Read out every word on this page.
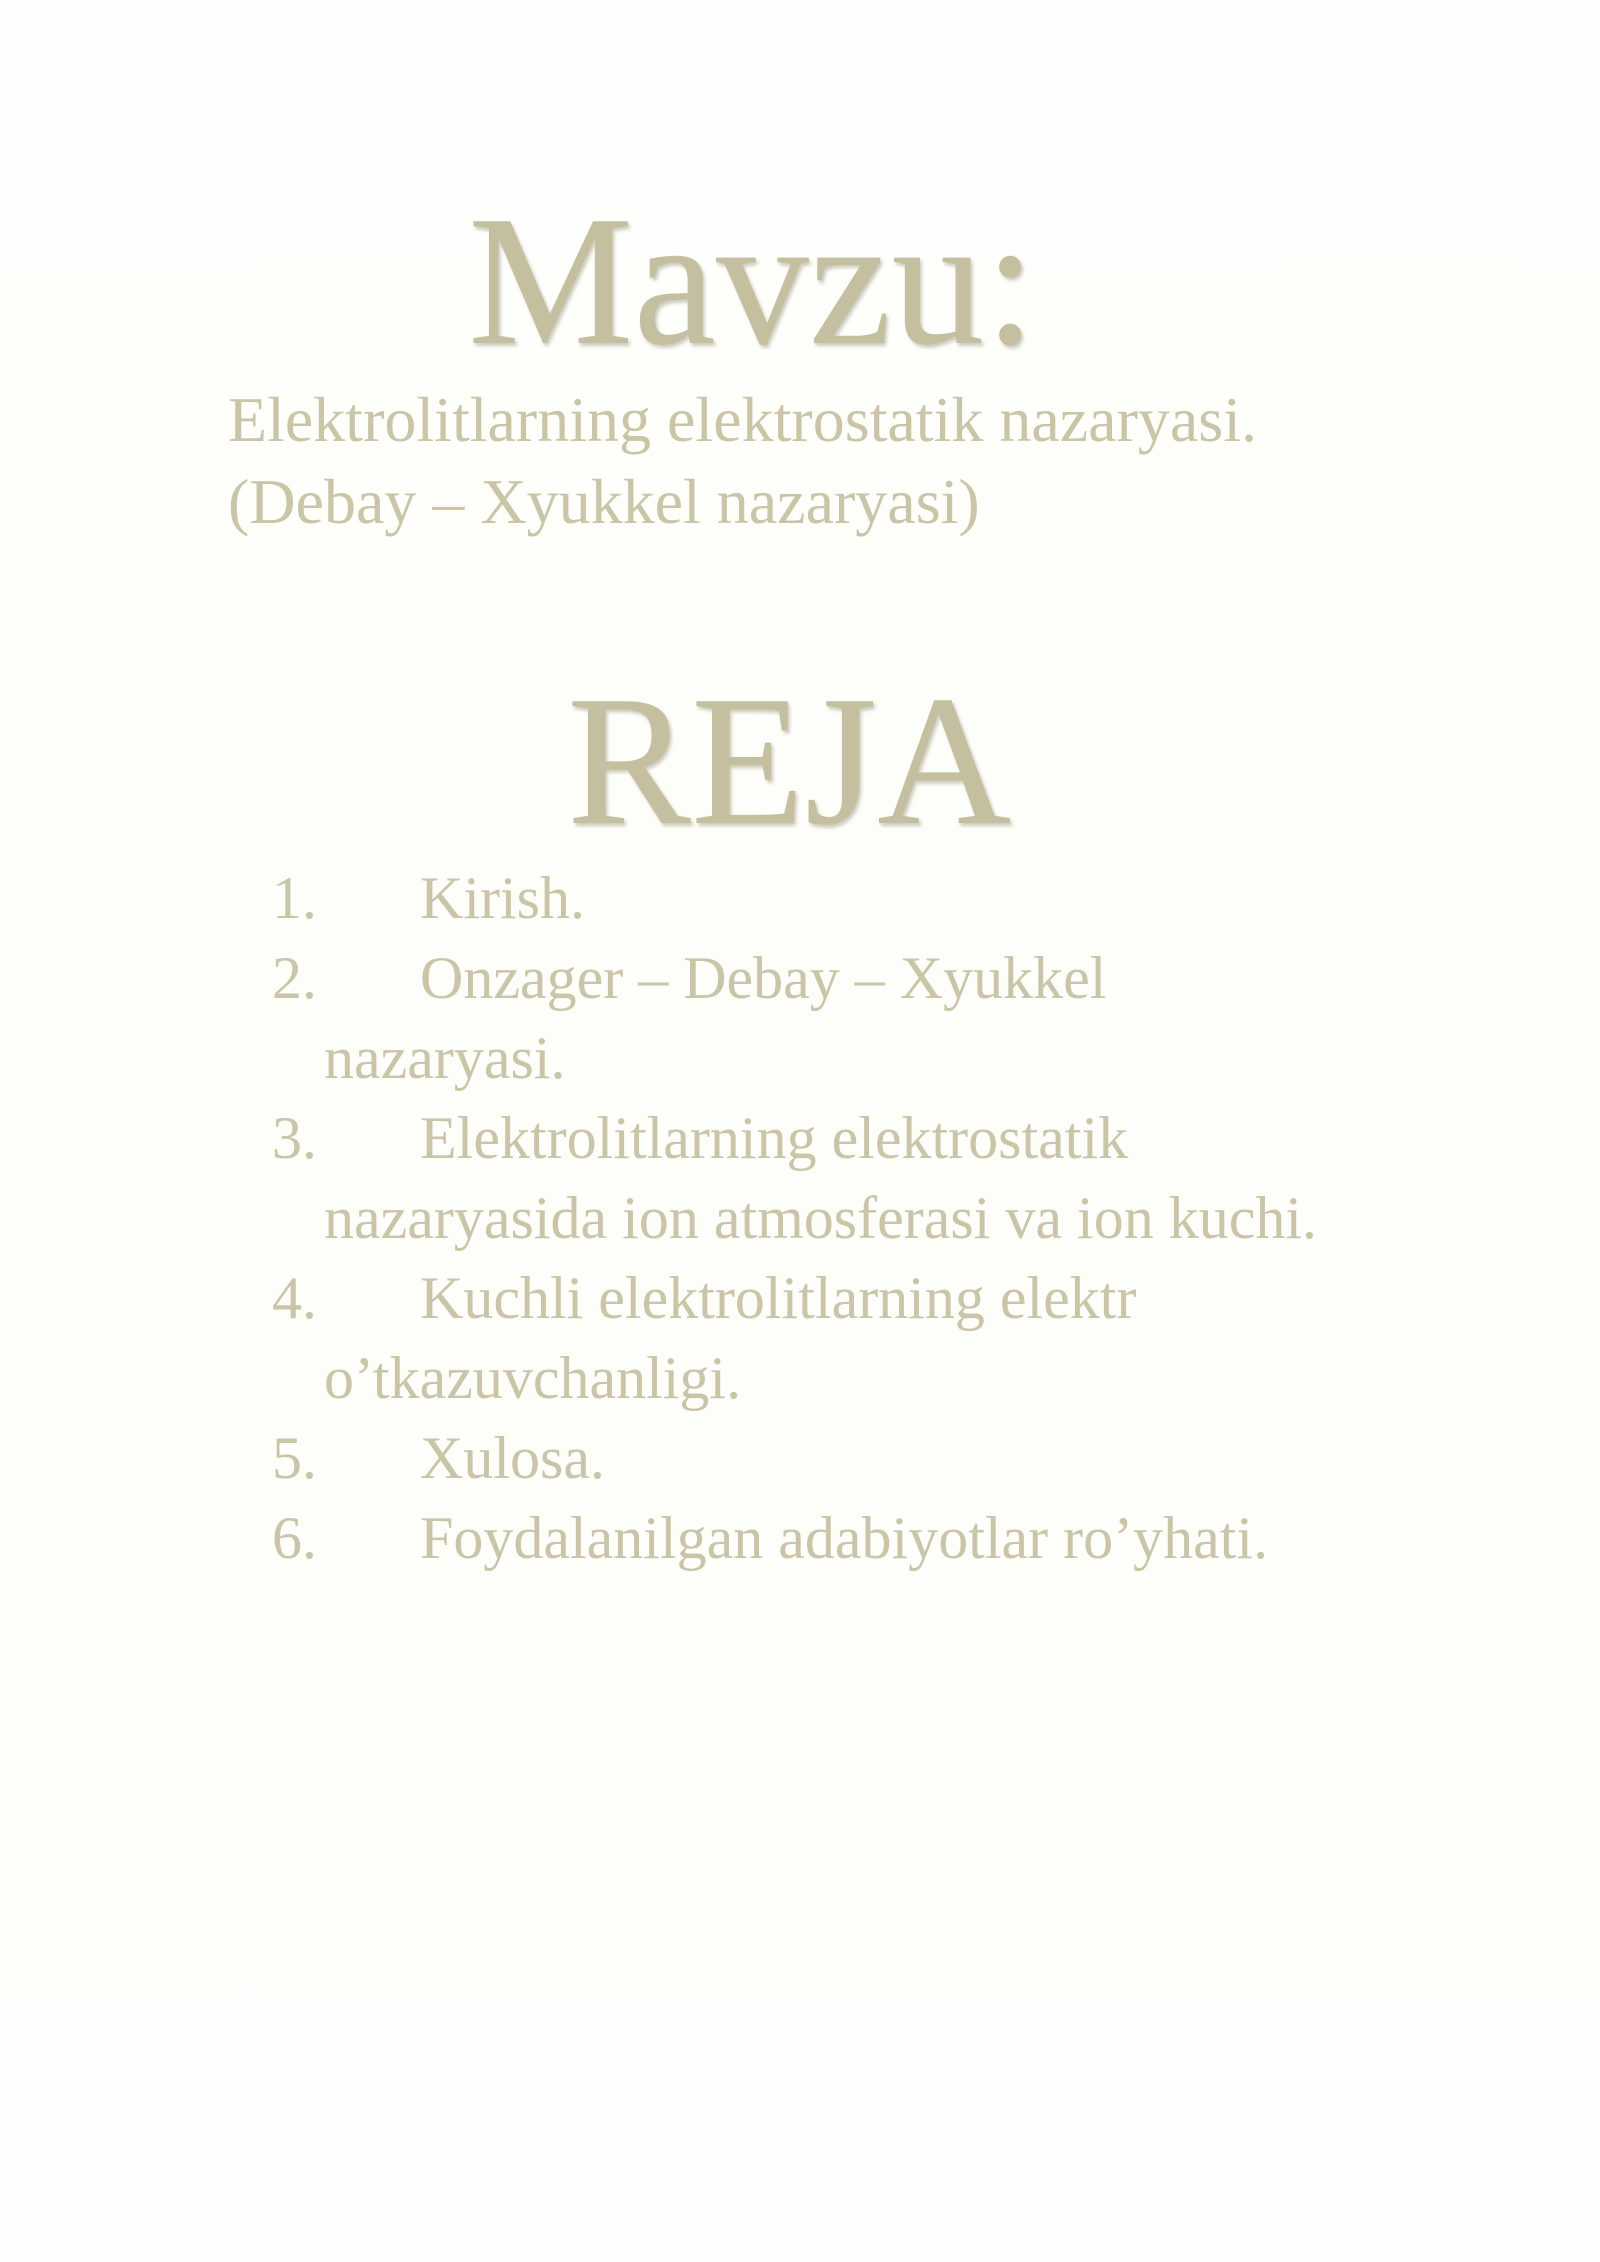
Mavzu:
Elektrolitlarning elektrostatik nazaryasi.
(Debay – Xyukkel nazaryasi)
REJA
1. Kirish.
2. Onzager – Debay – Xyukkel
nazaryasi.
3. Elektrolitlarning elektrostatik
nazaryasida ion atmosferasi va ion kuchi.
4. Kuchli elektrolitlarning elektr
o’tkazuvchanligi.
5. Xulosa.
6. Foydalanilgan adabiyotlar ro’yhati.
